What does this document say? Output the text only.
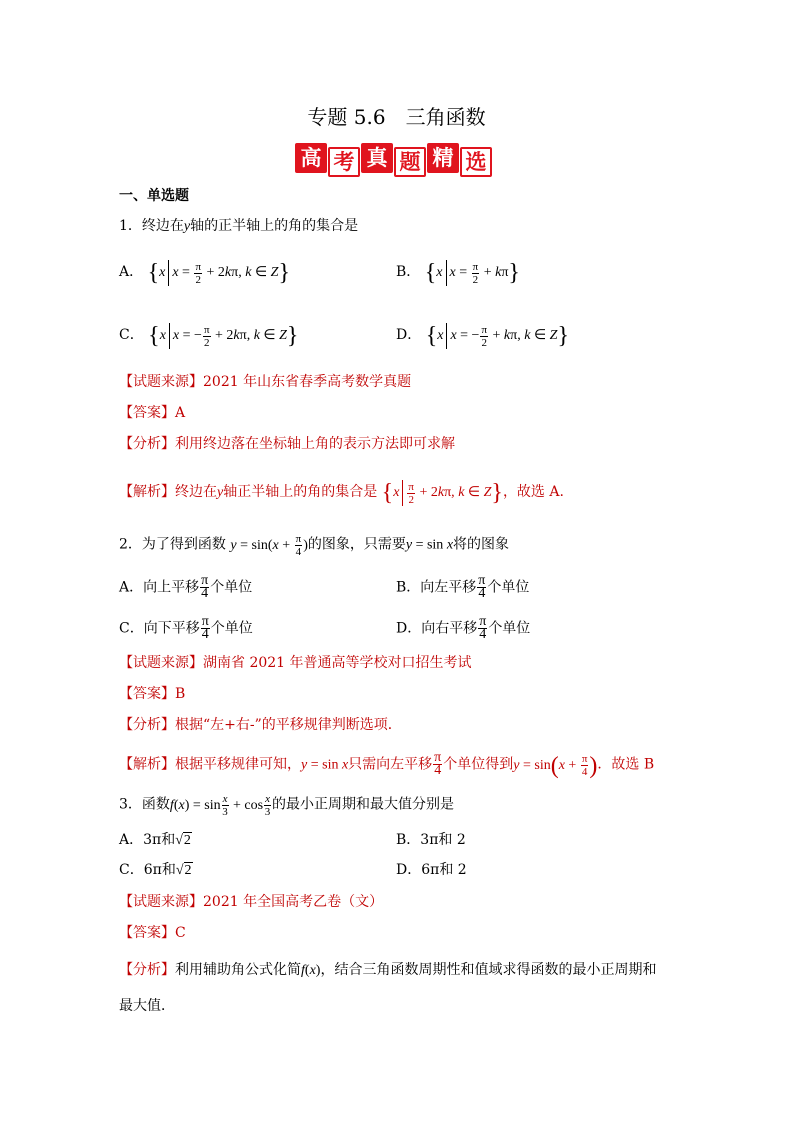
专题 5.6　三角函数
高 考 真 题 精 选
一、单选题
1．终边在y轴的正半轴上的角的集合是
A． {x $x = \frac{\pi}{2} + 2k\pi$, k ∈ Z}	B． {x $x = \frac{\pi}{2} + k\pi$}
C． {x x = − $\frac{\pi}{2} + 2k\pi$, k ∈ Z}	D． {x x = − $\frac{\pi}{2} + k\pi$, k ∈ Z}
【试题来源】2021 年山东省春季高考数学真题
【答案】A
【分析】利用终边落在坐标轴上角的表示方法即可求解
【解析】终边在y轴正半轴上的角的集合是 {$x \frac{\pi}{2} + 2k\pi$, k ∈ Z}，故选 A.
2．为了得到函数 $y = \sin(x + \frac{\pi}{4}$ )的图象，只需要y = sin x将的图象
A．向上平移 $\frac{\pi}{4}$ 个单位	B．向左平移 $\frac{\pi}{4}$ 个单位
C．向下平移 $\frac{\pi}{4}$ 个单位	D．向右平移 $\frac{\pi}{4}$ 个单位
【试题来源】湖南省 2021 年普通高等学校对口招生考试
【答案】B
【分析】根据“左+右-”的平移规律判断选项．
【解析】根据平移规律可知，y = sin x只需向左平移 $\frac{\pi}{4}$ 个单位得到$y = \sin(x + \frac{\pi}{4}$ )．故选 B
3．函数$f(x) = \sin \frac{x}{3} + \cos \frac{x}{3}$ 的最小正周期和最大值分别是
A．3π和√2	B．3π和 2
C．6π和√2	D．6π和 2
【试题来源】2021 年全国高考乙卷（文）
【答案】C
【分析】利用辅助角公式化简f(x)，结合三角函数周期性和值域求得函数的最小正周期和
最大值．
